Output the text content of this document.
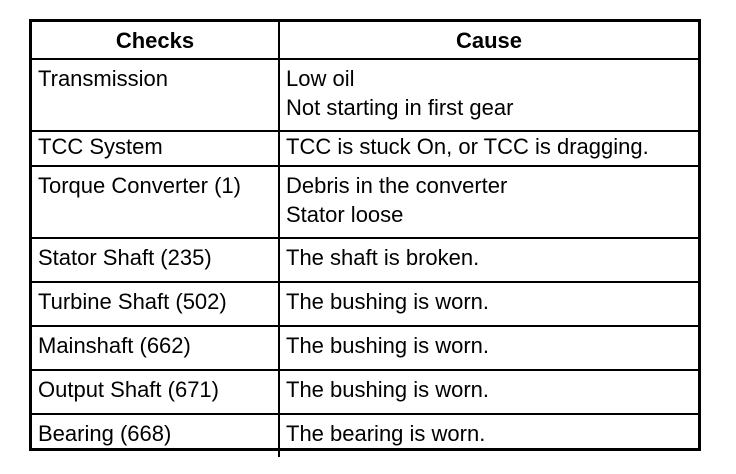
Checks	Cause
Transmission	Low oil
Not starting in first gear

TCC System	TCC is stuck On, or TCC is dragging.
Torque Converter (1)	Debris in the converter
Stator loose

Stator Shaft (235)	The shaft is broken.
Turbine Shaft (502)	The bushing is worn.
Mainshaft (662)	The bushing is worn.
Output Shaft (671)	The bushing is worn.
Bearing (668)	The bearing is worn.
